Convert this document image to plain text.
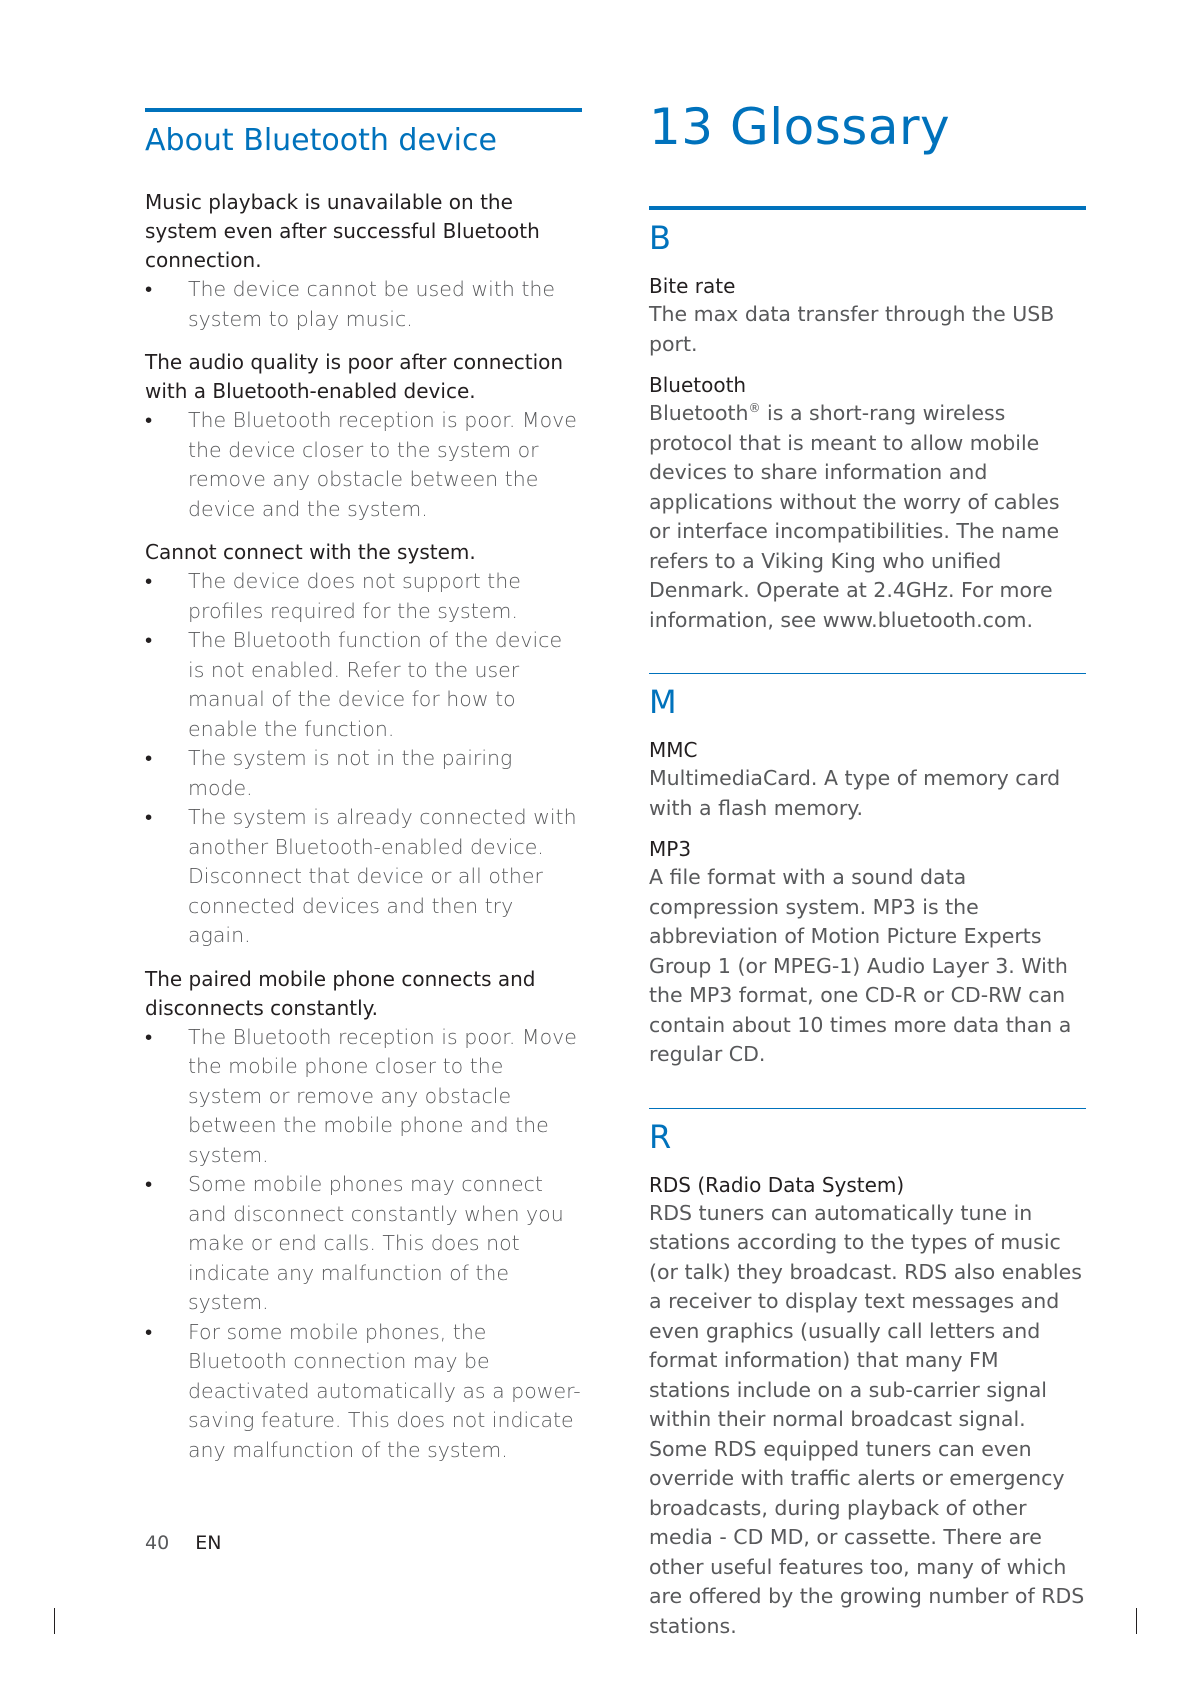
About Bluetooth device
Music playback is unavailable on the system even after successful Bluetooth connection.
• The device cannot be used with the system to play music.
The audio quality is poor after connection with a Bluetooth-enabled device.
• The Bluetooth reception is poor. Move the device closer to the system or remove any obstacle between the device and the system.
Cannot connect with the system.
• The device does not support the profiles required for the system.
• The Bluetooth function of the device is not enabled. Refer to the user manual of the device for how to enable the function.
• The system is not in the pairing mode.
• The system is already connected with another Bluetooth-enabled device. Disconnect that device or all other connected devices and then try again.
The paired mobile phone connects and disconnects constantly.
• The Bluetooth reception is poor. Move the mobile phone closer to the system or remove any obstacle between the mobile phone and the system.
• Some mobile phones may connect and disconnect constantly when you make or end calls. This does not indicate any malfunction of the system.
• For some mobile phones, the Bluetooth connection may be deactivated automatically as a power-saving feature. This does not indicate any malfunction of the system.
13 Glossary
B
Bite rate
The max data transfer through the USB port.
Bluetooth
Bluetooth® is a short-rang wireless protocol that is meant to allow mobile devices to share information and applications without the worry of cables or interface incompatibilities. The name refers to a Viking King who unified Denmark. Operate at 2.4GHz. For more information, see www.bluetooth.com.
M
MMC
MultimediaCard. A type of memory card with a flash memory.
MP3
A file format with a sound data compression system. MP3 is the abbreviation of Motion Picture Experts Group 1 (or MPEG-1) Audio Layer 3. With the MP3 format, one CD-R or CD-RW can contain about 10 times more data than a regular CD.
R
RDS (Radio Data System)
RDS tuners can automatically tune in stations according to the types of music (or talk) they broadcast. RDS also enables a receiver to display text messages and even graphics (usually call letters and format information) that many FM stations include on a sub-carrier signal within their normal broadcast signal. Some RDS equipped tuners can even override with traffic alerts or emergency broadcasts, during playback of other media - CD MD, or cassette. There are other useful features too, many of which are offered by the growing number of RDS stations.
40 EN
